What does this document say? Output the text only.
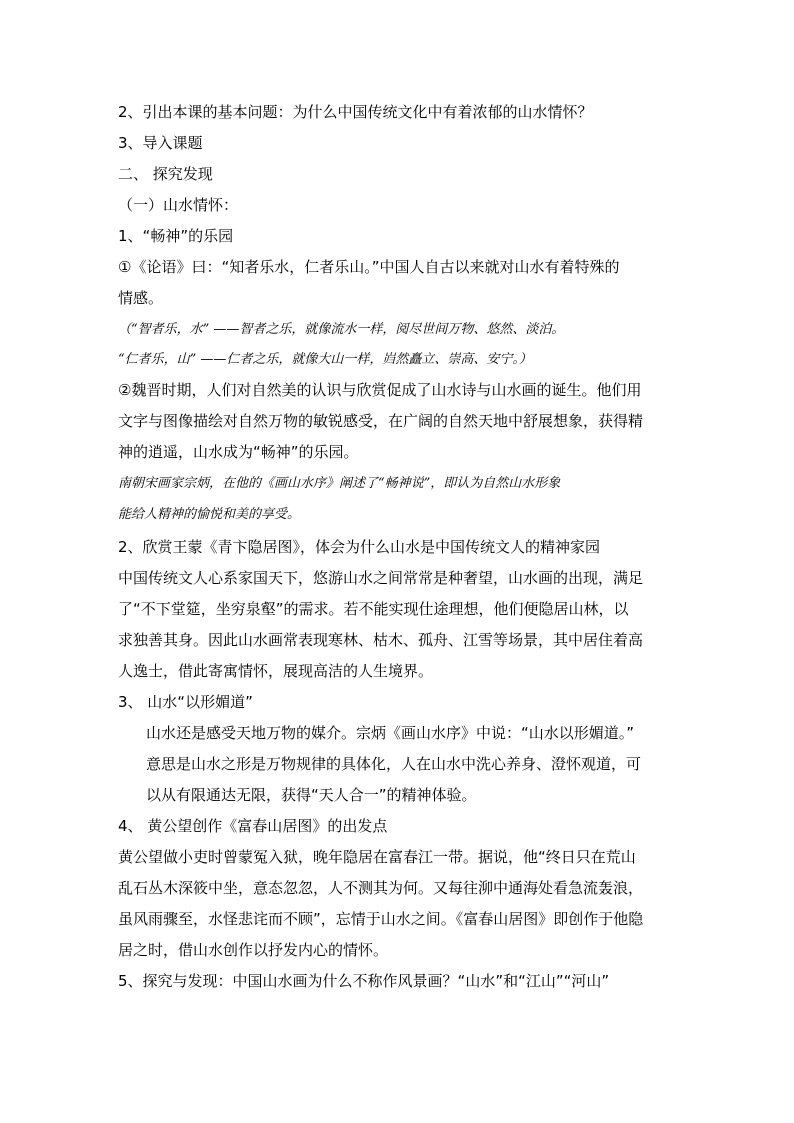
2、引出本课的基本问题：为什么中国传统文化中有着浓郁的山水情怀？
3、导入课题
二、 探究发现
（一）山水情怀：
1、“畅神”的乐园
①《论语》曰：“知者乐水，仁者乐山。”中国人自古以来就对山水有着特殊的
情感。
（“智者乐，水” ——智者之乐，就像流水一样，阅尽世间万物、悠然、淡泊。
“仁者乐，山” ——仁者之乐，就像大山一样，岿然矗立、崇高、安宁。）
②魏晋时期，人们对自然美的认识与欣赏促成了山水诗与山水画的诞生。他们用
文字与图像描绘对自然万物的敏锐感受，在广阔的自然天地中舒展想象，获得精
神的逍遥，山水成为“畅神”的乐园。
南朝宋画家宗炳，在他的《画山水序》阐述了“畅神说”，即认为自然山水形象
能给人精神的愉悦和美的享受。
2、欣赏王蒙《青卞隐居图》，体会为什么山水是中国传统文人的精神家园
中国传统文人心系家国天下，悠游山水之间常常是种奢望，山水画的出现，满足
了“不下堂筵，坐穷泉壑”的需求。若不能实现仕途理想，他们便隐居山林，以
求独善其身。因此山水画常表现寒林、枯木、孤舟、江雪等场景，其中居住着高
人逸士，借此寄寓情怀，展现高洁的人生境界。
3、 山水“以形媚道”
山水还是感受天地万物的媒介。宗炳《画山水序》中说：“山水以形媚道。”
意思是山水之形是万物规律的具体化，人在山水中洗心养身、澄怀观道，可
以从有限通达无限，获得“天人合一”的精神体验。
4、 黄公望创作《富春山居图》的出发点
黄公望做小吏时曾蒙冤入狱，晚年隐居在富春江一带。据说，他“终日只在荒山
乱石丛木深筱中坐，意态忽忽，人不测其为何。又每往泖中通海处看急流轰浪，
虽风雨骤至，水怪悲诧而不顾”，忘情于山水之间。《富春山居图》即创作于他隐
居之时，借山水创作以抒发内心的情怀。
5、探究与发现：中国山水画为什么不称作风景画？“山水”和“江山”“河山”
